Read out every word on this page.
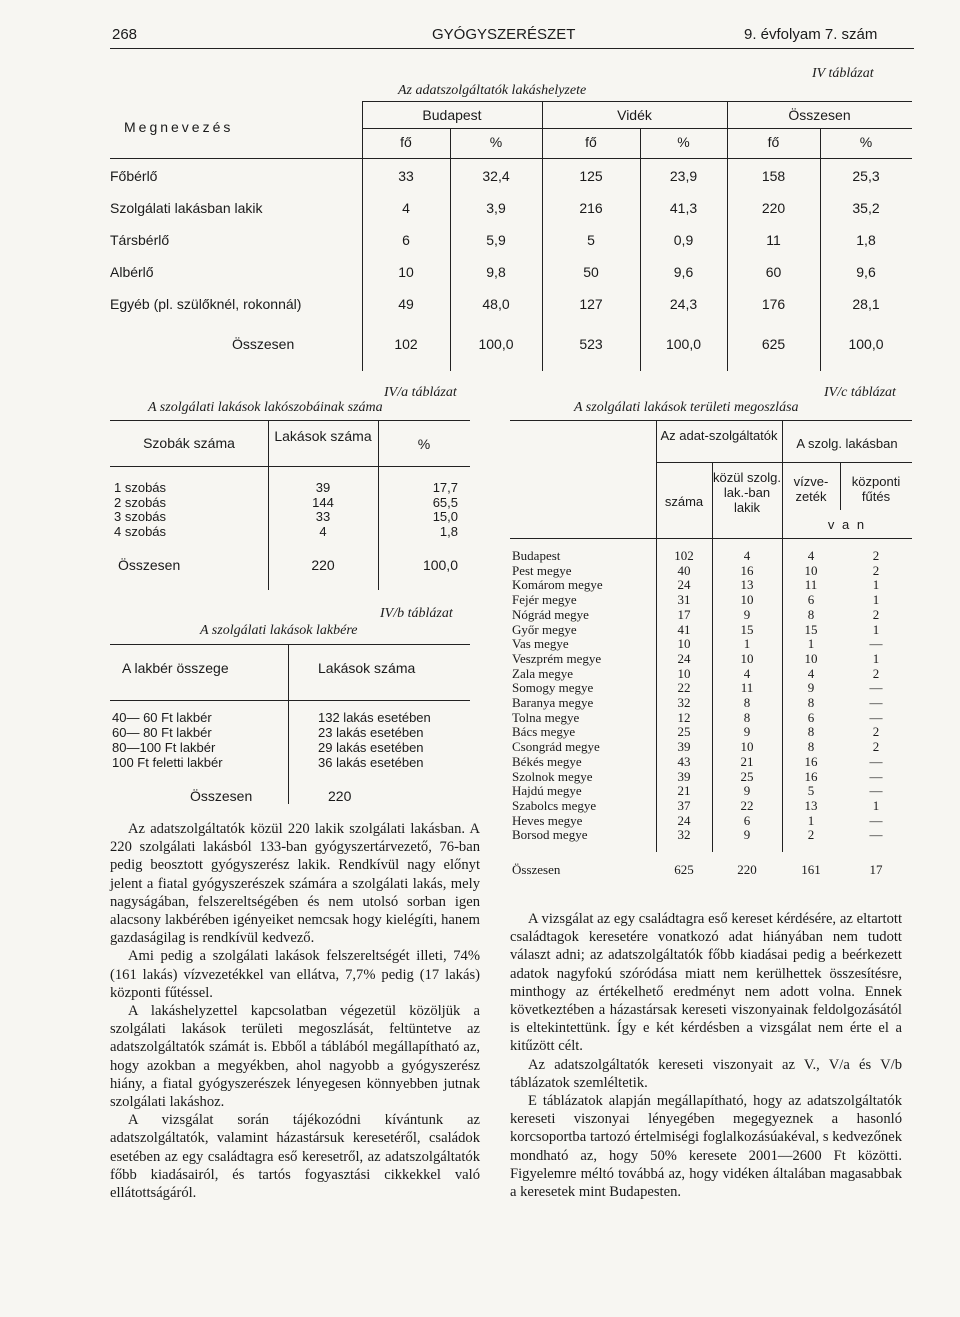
268	GYÓGYSZERÉSZET	9. évfolyam 7. szám
IV táblázat
Az adatszolgáltatók lakáshelyzete
Megnevezés
Budapest	Vidék	Összesen
fő	%	fő	%	fő	%
Főbérlő	33	32,4	125	23,9	158	25,3
Szolgálati lakásban lakik	4	3,9	216	41,3	220	35,2
Társbérlő	6	5,9	5	0,9	11	1,8
Albérlő	10	9,8	50	9,6	60	9,6
Egyéb (pl. szülőknél, rokonnál)	49	48,0	127	24,3	176	28,1
Összesen	102	100,0	523	100,0	625	100,0
IV/a táblázat
A szolgálati lakások lakószobáinak száma
Szobák száma	Lakások száma	%
1 szobás	39	17,7
2 szobás	144	65,5
3 szobás	33	15,0
4 szobás	4	1,8
Összesen	220	100,0
IV/b táblázat
A szolgálati lakások lakbére
A lakbér összege	Lakások száma
40— 60 Ft lakbér	132 lakás esetében
60— 80 Ft lakbér	23 lakás esetében
80—100 Ft lakbér	29 lakás esetében
100 Ft feletti lakbér	36 lakás esetében
Összesen	220
IV/c táblázat
A szolgálati lakások területi megoszlása
Az adat-szolgáltatók
A szolg. lakásban
száma
közül szolg. lak.-ban lakik
vízve-zeték
központi fűtés
v a n
Budapest	102	4	4	2
Pest megye	40	16	10	2
Komárom megye	24	13	11	1
Fejér megye	31	10	6	1
Nógrád megye	17	9	8	2
Győr megye	41	15	15	1
Vas megye	10	1	1	—
Veszprém megye	24	10	10	1
Zala megye	10	4	4	2
Somogy megye	22	11	9	—
Baranya megye	32	8	8	—
Tolna megye	12	8	6	—
Bács megye	25	9	8	2
Csongrád megye	39	10	8	2
Békés megye	43	21	16	—
Szolnok megye	39	25	16	—
Hajdú megye	21	9	5	—
Szabolcs megye	37	22	13	1
Heves megye	24	6	1	—
Borsod megye	32	9	2	—
Összesen	625	220	161	17

Az adatszolgáltatók közül 220 lakik szolgálati lakásban. A 220 szolgálati lakásból 133-ban gyógyszertárvezető, 76-ban pedig beosztott gyógyszerész lakik. Rendkívül nagy előnyt jelent a fiatal gyógyszerészek számára a szolgálati lakás, mely nagyságában, felszereltségében és nem utolsó sorban igen alacsony lakbérében igényeiket nemcsak hogy kielégíti, hanem gazdaságilag is rendkívül kedvező.

Ami pedig a szolgálati lakások felszereltségét illeti, 74% (161 lakás) vízvezetékkel van ellátva, 7,7% pedig (17 lakás) központi fűtéssel.

A lakáshelyzettel kapcsolatban végezetül közöljük a szolgálati lakások területi megoszlását, feltüntetve az adatszolgáltatók számát is. Ebből a táblából megállapítható az, hogy azokban a megyékben, ahol nagyobb a gyógyszerész hiány, a fiatal gyógyszerészek lényegesen könnyebben jutnak szolgálati lakáshoz.

A vizsgálat során tájékozódni kívántunk az adatszolgáltatók, valamint házastársuk keresetéről, családok esetében az egy családtagra eső keresetről, az adatszolgáltatók főbb kiadásairól, és tartós fogyasztási cikkekkel való ellátottságáról.

A vizsgálat az egy családtagra eső kereset kérdésére, az eltartott családtagok keresetére vonatkozó adat hiányában nem tudott választ adni; az adatszolgáltatók főbb kiadásai pedig a beérkezett adatok nagyfokú szóródása miatt nem kerülhettek összesítésre, minthogy az értékelhető eredményt nem adott volna. Ennek következtében a házastársak kereseti viszonyainak feldolgozásától is eltekintettünk. Így e két kérdésben a vizsgálat nem érte el a kitűzött célt.

Az adatszolgáltatók kereseti viszonyait az V., V/a és V/b táblázatok szemléltetik.

E táblázatok alapján megállapítható, hogy az adatszolgáltatók kereseti viszonyai lényegében megegyeznek a hasonló korcsoportba tartozó értelmiségi foglalkozásúakéval, s kedvezőnek mondható az, hogy 50% keresete 2001—2600 Ft közötti. Figyelemre méltó továbbá az, hogy vidéken általában magasabbak a keresetek mint Budapesten.
